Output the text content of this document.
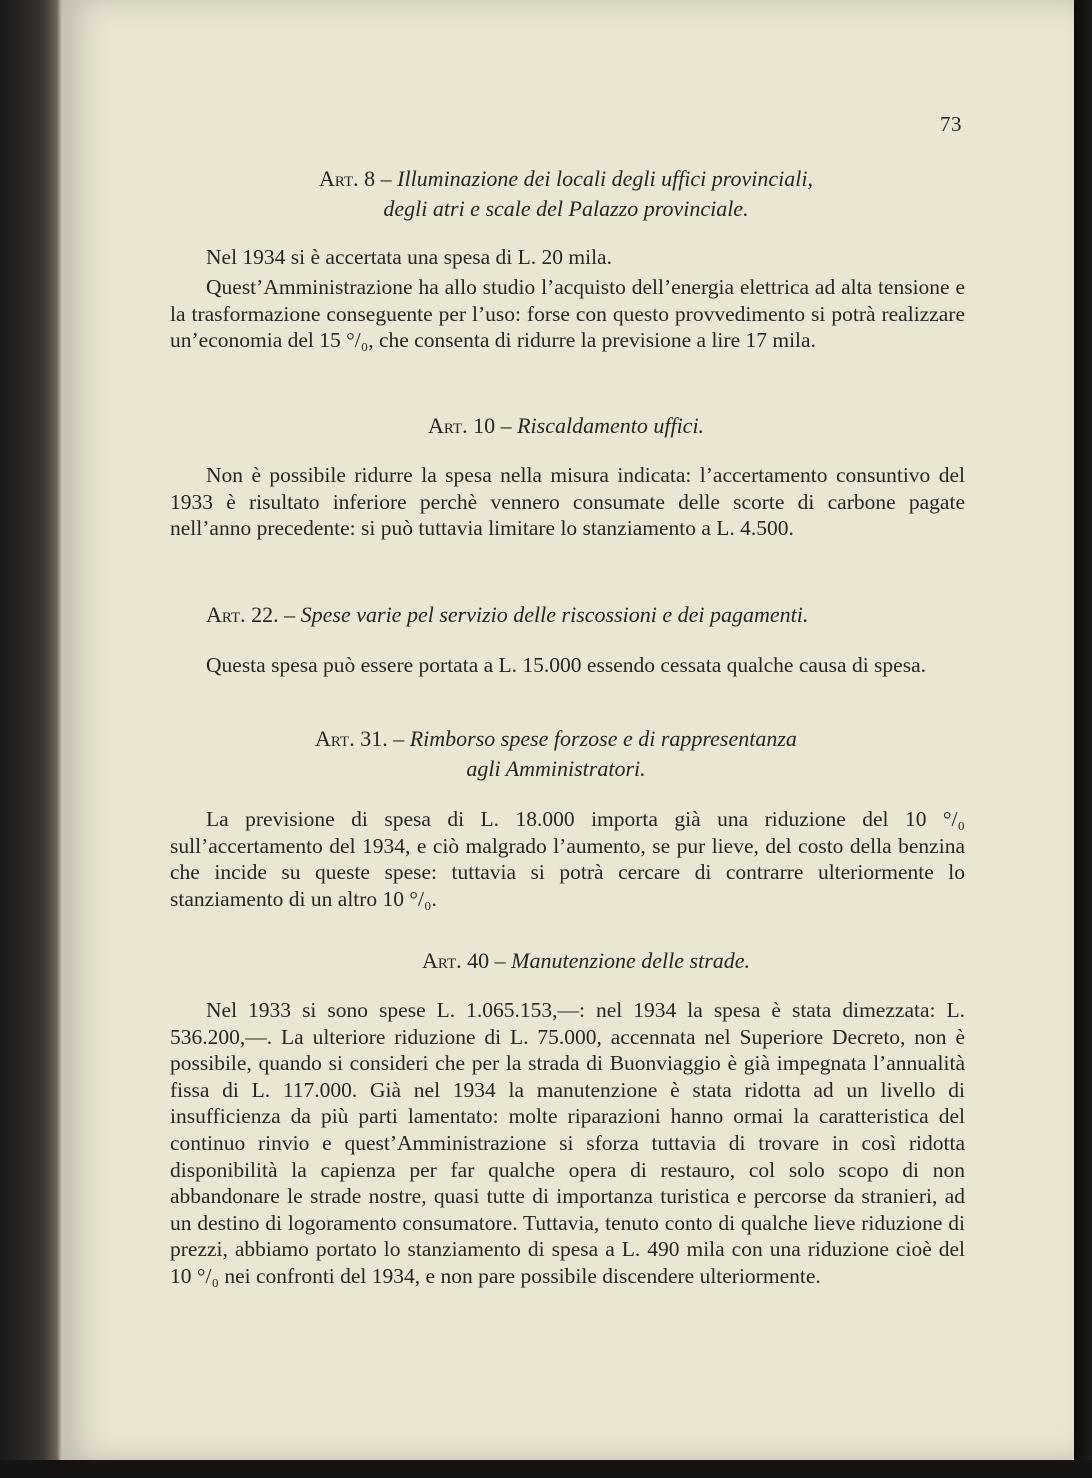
73
Art. 8 – Illuminazione dei locali degli uffici provinciali,
degli atri e scale del Palazzo provinciale.
Nel 1934 si è accertata una spesa di L. 20 mila.
Quest’Amministrazione ha allo studio l’acquisto dell’energia elettrica ad alta tensione e la trasformazione conseguente per l’uso: forse con questo provvedimento si potrà realizzare un’economia del 15 °/₀, che consenta di ridurre la previsione a lire 17 mila.
Art. 10 – Riscaldamento uffici.
Non è possibile ridurre la spesa nella misura indicata: l’accertamento consuntivo del 1933 è risultato inferiore perchè vennero consumate delle scorte di carbone pagate nell’anno precedente: si può tuttavia limitare lo stanziamento a L. 4.500.
Art. 22. – Spese varie pel servizio delle riscossioni e dei pagamenti.
Questa spesa può essere portata a L. 15.000 essendo cessata qualche causa di spesa.
Art. 31. – Rimborso spese forzose e di rappresentanza
agli Amministratori.
La previsione di spesa di L. 18.000 importa già una riduzione del 10 °/₀ sull’accertamento del 1934, e ciò malgrado l’aumento, se pur lieve, del costo della benzina che incide su queste spese: tuttavia si potrà cercare di contrarre ulteriormente lo stanziamento di un altro 10 °/₀.
Art. 40 – Manutenzione delle strade.
Nel 1933 si sono spese L. 1.065.153,—: nel 1934 la spesa è stata dimezzata: L. 536.200,—. La ulteriore riduzione di L. 75.000, accennata nel Superiore Decreto, non è possibile, quando si consideri che per la strada di Buonviaggio è già impegnata l’annualità fissa di L. 117.000. Già nel 1934 la manutenzione è stata ridotta ad un livello di insufficienza da più parti lamentato: molte riparazioni hanno ormai la caratteristica del continuo rinvio e quest’Amministrazione si sforza tuttavia di trovare in così ridotta disponibilità la capienza per far qualche opera di restauro, col solo scopo di non abbandonare le strade nostre, quasi tutte di importanza turistica e percorse da stranieri, ad un destino di logoramento consumatore. Tuttavia, tenuto conto di qualche lieve riduzione di prezzi, abbiamo portato lo stanziamento di spesa a L. 490 mila con una riduzione cioè del 10 °/₀ nei confronti del 1934, e non pare possibile discendere ulteriormente.
